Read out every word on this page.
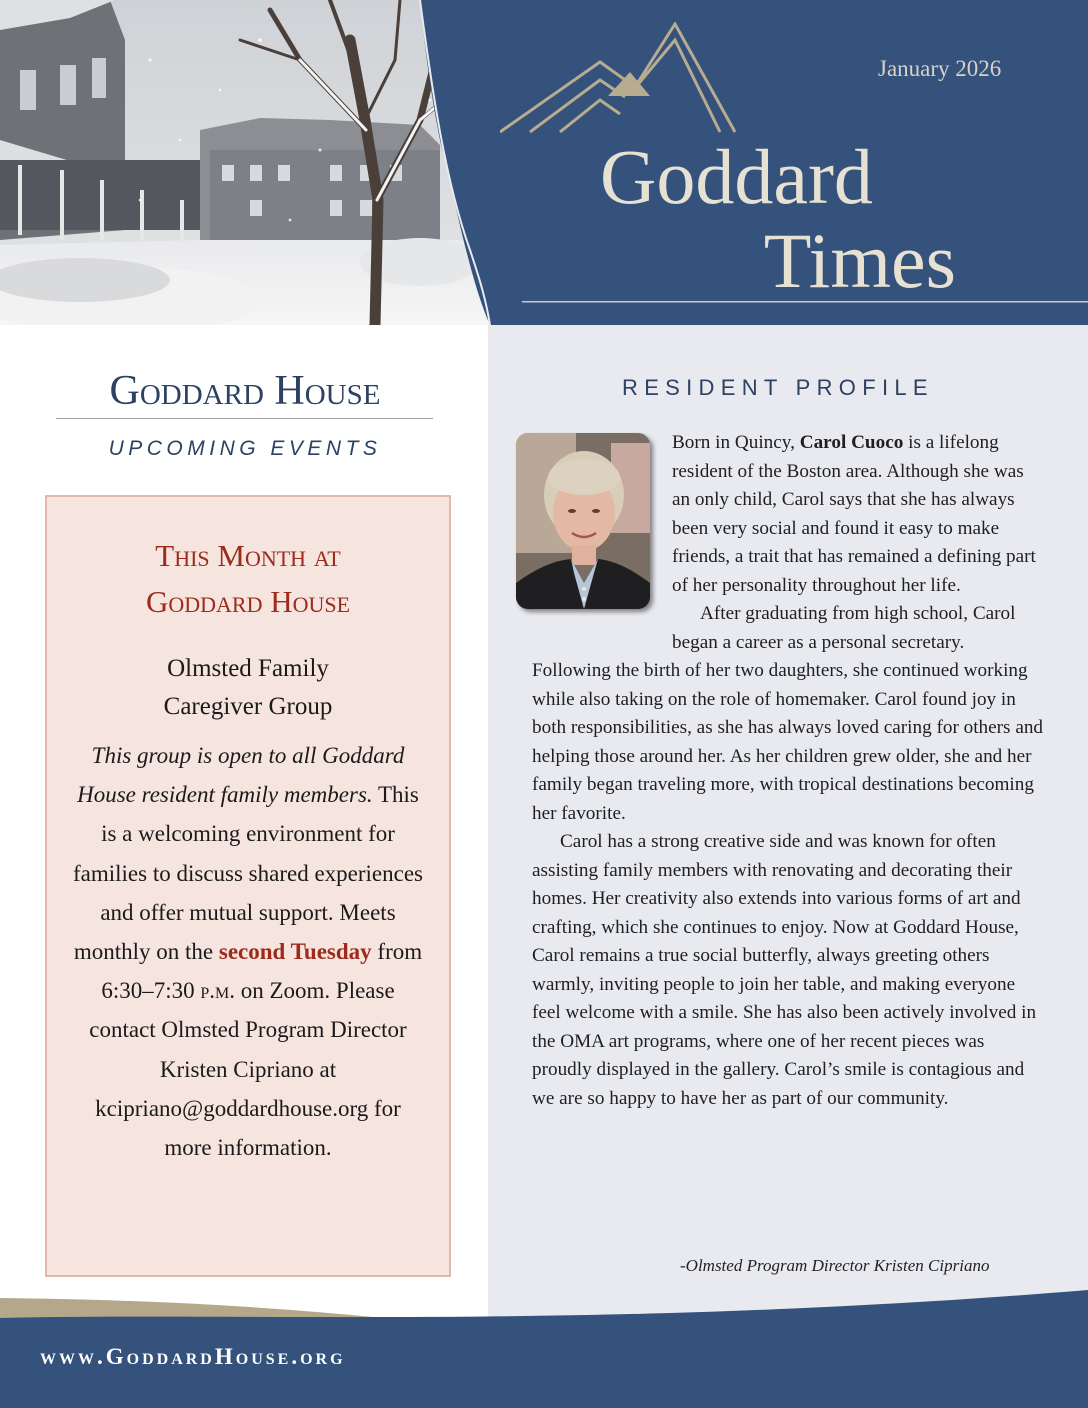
January 2026
Goddard
Times
Goddard House
UPCOMING EVENTS
This Month at
Goddard House
Olmsted Family
Caregiver Group
This group is open to all Goddard House resident family members. This is a welcoming environment for families to discuss shared experiences and offer mutual support. Meets monthly on the second Tuesday from 6:30–7:30 p.m. on Zoom. Please contact Olmsted Program Director Kristen Cipriano at kcipriano@goddardhouse.org for more information.
RESIDENT PROFILE

Born in Quincy, Carol Cuoco is a lifelong resident of the Boston area. Although she was an only child, Carol says that she has always been very social and found it easy to make friends, a trait that has remained a defining part of her personality throughout her life.

After graduating from high school, Carol began a career as a personal secretary. Following the birth of her two daughters, she continued working while also taking on the role of homemaker. Carol found joy in both responsibilities, as she has always loved caring for others and helping those around her. As her children grew older, she and her family began traveling more, with tropical destinations becoming her favorite.

Carol has a strong creative side and was known for often assisting family members with renovating and decorating their homes. Her creativity also extends into various forms of art and crafting, which she continues to enjoy. Now at Goddard House, Carol remains a true social butterfly, always greeting others warmly, inviting people to join her table, and making everyone feel welcome with a smile. She has also been actively involved in the OMA art programs, where one of her recent pieces was proudly displayed in the gallery. Carol’s smile is contagious and we are so happy to have her as part of our community.

-Olmsted Program Director Kristen Cipriano
www.GoddardHouse.org
